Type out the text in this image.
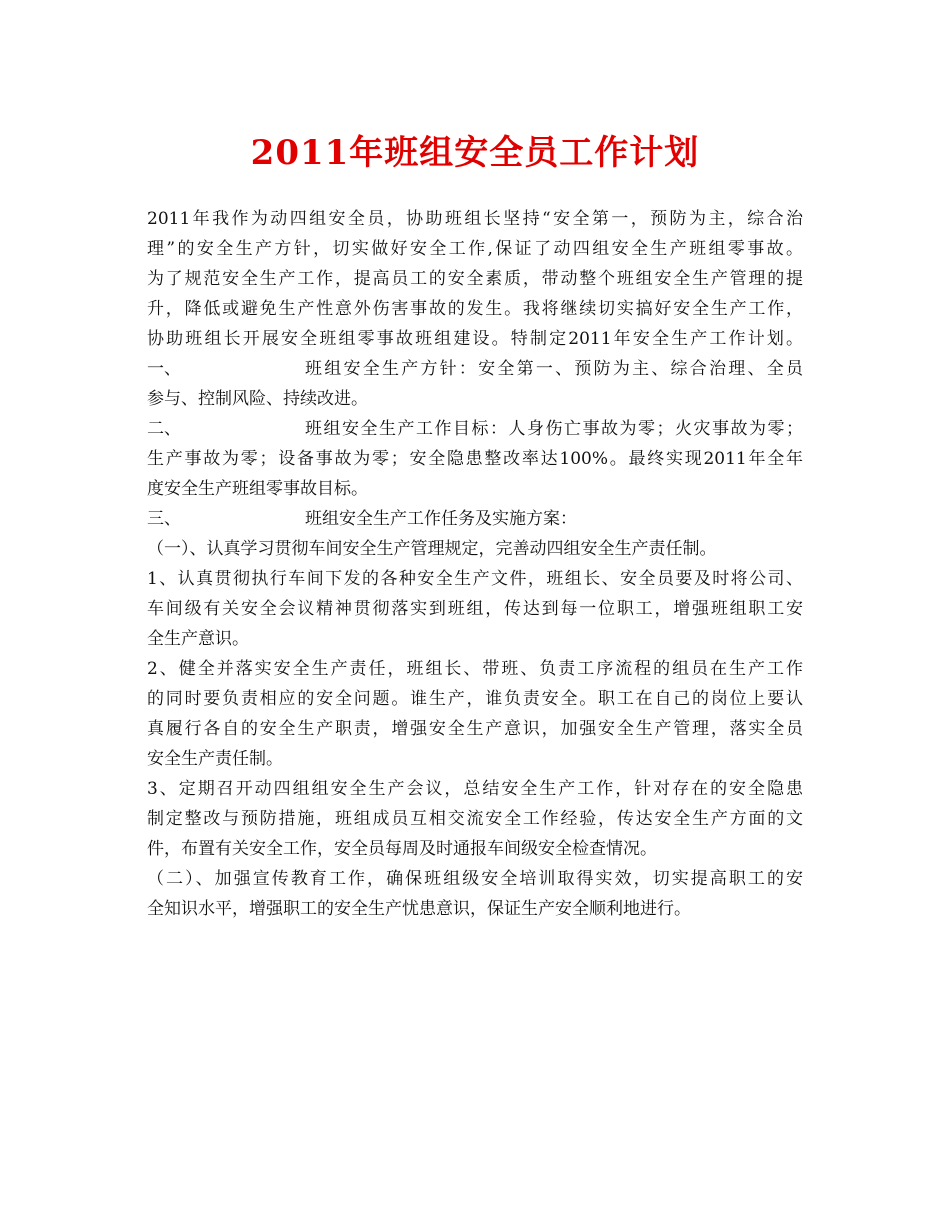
2011年班组安全员工作计划
2011年我作为动四组安全员，协助班组长坚持“安全第一，预防为主，综合治
理”的安全生产方针，切实做好安全工作,保证了动四组安全生产班组零事故。
为了规范安全生产工作，提高员工的安全素质，带动整个班组安全生产管理的提
升，降低或避免生产性意外伤害事故的发生。我将继续切实搞好安全生产工作，
协助班组长开展安全班组零事故班组建设。特制定2011年安全生产工作计划。
一、	班组安全生产方针：安全第一、预防为主、综合治理、全员
参与、控制风险、持续改进。
二、	班组安全生产工作目标：人身伤亡事故为零；火灾事故为零；
生产事故为零；设备事故为零；安全隐患整改率达100%。最终实现2011年全年
度安全生产班组零事故目标。
三、	班组安全生产工作任务及实施方案：
（一）、认真学习贯彻车间安全生产管理规定，完善动四组安全生产责任制。
1、认真贯彻执行车间下发的各种安全生产文件，班组长、安全员要及时将公司、
车间级有关安全会议精神贯彻落实到班组，传达到每一位职工，增强班组职工安
全生产意识。
2、健全并落实安全生产责任，班组长、带班、负责工序流程的组员在生产工作
的同时要负责相应的安全问题。谁生产，谁负责安全。职工在自己的岗位上要认
真履行各自的安全生产职责，增强安全生产意识，加强安全生产管理，落实全员
安全生产责任制。
3、定期召开动四组组安全生产会议，总结安全生产工作，针对存在的安全隐患
制定整改与预防措施，班组成员互相交流安全工作经验，传达安全生产方面的文
件，布置有关安全工作，安全员每周及时通报车间级安全检查情况。
（二）、加强宣传教育工作，确保班组级安全培训取得实效，切实提高职工的安
全知识水平，增强职工的安全生产忧患意识，保证生产安全顺利地进行。
